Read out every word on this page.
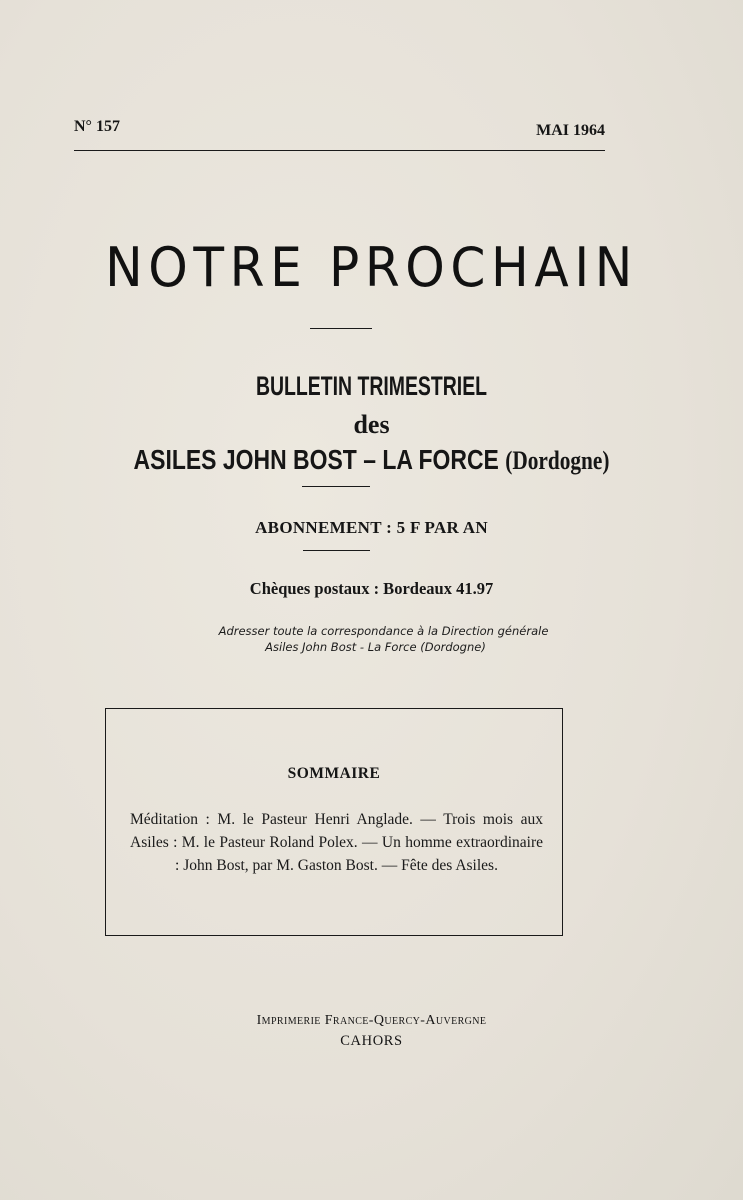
N° 157	MAI 1964
NOTRE PROCHAIN
BULLETIN TRIMESTRIEL
des
ASILES JOHN BOST – LA FORCE (Dordogne)
ABONNEMENT : 5 F PAR AN
Chèques postaux : Bordeaux 41.97
Adresser toute la correspondance à la Direction générale
Asiles John Bost - La Force (Dordogne)
SOMMAIRE
Méditation : M. le Pasteur Henri Anglade. — Trois mois aux Asiles : M. le Pasteur Roland Polex. — Un homme extraordinaire : John Bost, par M. Gaston Bost. — Fête des Asiles.
Imprimerie France-Quercy-Auvergne
CAHORS
